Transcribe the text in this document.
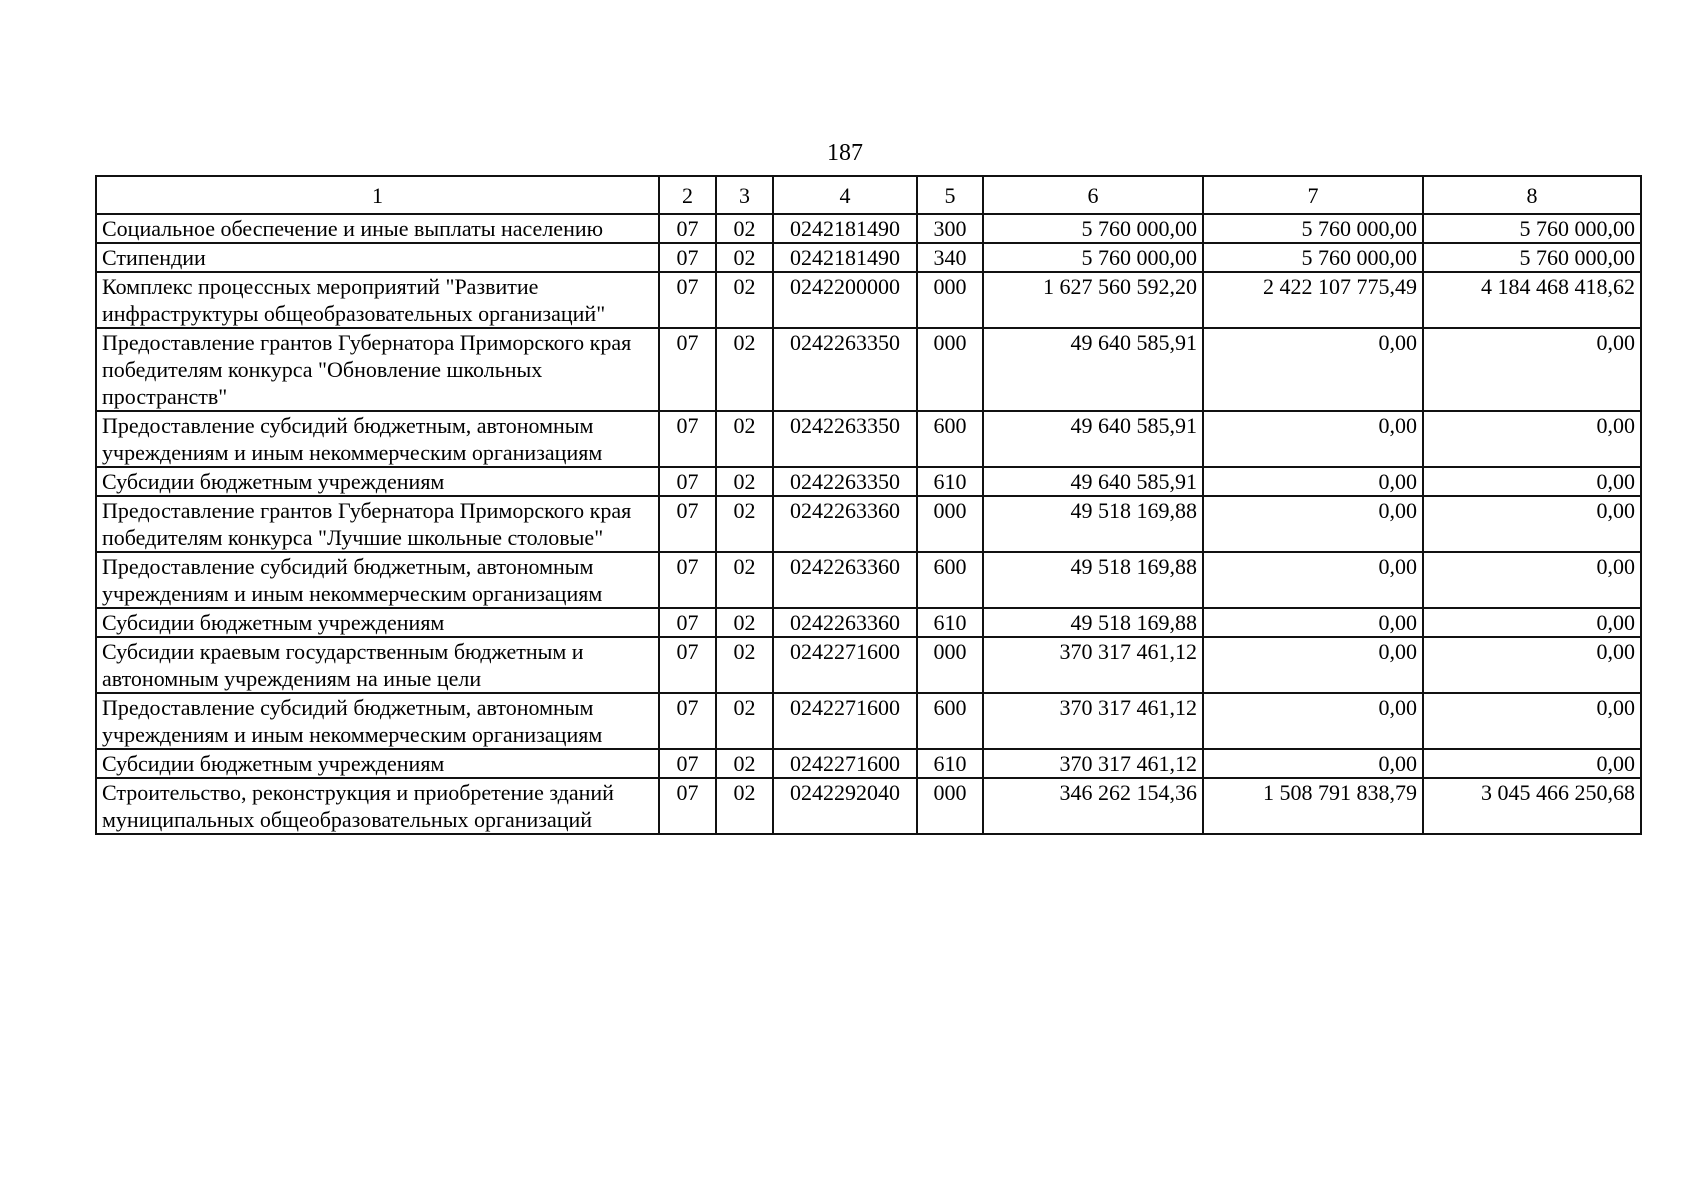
187
1	2	3	4	5	6	7	8
Социальное обеспечение и иные выплаты населению	07	02	0242181490	300	5 760 000,00	5 760 000,00	5 760 000,00
Стипендии	07	02	0242181490	340	5 760 000,00	5 760 000,00	5 760 000,00
Комплекс процессных мероприятий "Развитие инфраструктуры общеобразовательных организаций"	07	02	0242200000	000	1 627 560 592,20	2 422 107 775,49	4 184 468 418,62
Предоставление грантов Губернатора Приморского края победителям конкурса "Обновление школьных пространств"	07	02	0242263350	000	49 640 585,91	0,00	0,00
Предоставление субсидий бюджетным, автономным учреждениям и иным некоммерческим организациям	07	02	0242263350	600	49 640 585,91	0,00	0,00
Субсидии бюджетным учреждениям	07	02	0242263350	610	49 640 585,91	0,00	0,00
Предоставление грантов Губернатора Приморского края победителям конкурса "Лучшие школьные столовые"	07	02	0242263360	000	49 518 169,88	0,00	0,00
Предоставление субсидий бюджетным, автономным учреждениям и иным некоммерческим организациям	07	02	0242263360	600	49 518 169,88	0,00	0,00
Субсидии бюджетным учреждениям	07	02	0242263360	610	49 518 169,88	0,00	0,00
Субсидии краевым государственным бюджетным и автономным учреждениям на иные цели	07	02	0242271600	000	370 317 461,12	0,00	0,00
Предоставление субсидий бюджетным, автономным учреждениям и иным некоммерческим организациям	07	02	0242271600	600	370 317 461,12	0,00	0,00
Субсидии бюджетным учреждениям	07	02	0242271600	610	370 317 461,12	0,00	0,00
Строительство, реконструкция и приобретение зданий муниципальных общеобразовательных организаций	07	02	0242292040	000	346 262 154,36	1 508 791 838,79	3 045 466 250,68
